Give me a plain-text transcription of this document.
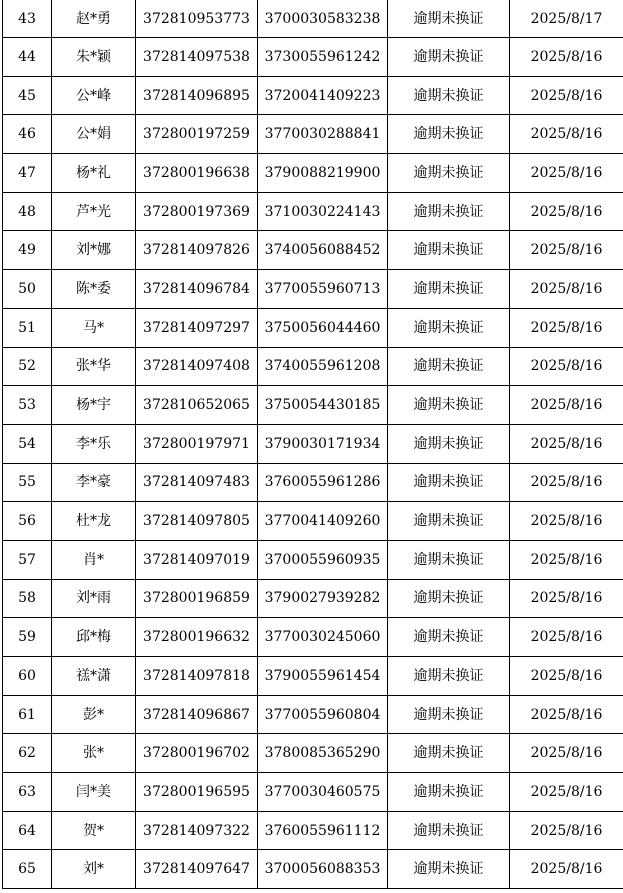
43	赵*勇	372810953773	3700030583238	逾期未换证	2025/8/17
44	朱*颖	372814097538	3730055961242	逾期未换证	2025/8/16
45	公*峰	372814096895	3720041409223	逾期未换证	2025/8/16
46	公*娟	372800197259	3770030288841	逾期未换证	2025/8/16
47	杨*礼	372800196638	3790088219900	逾期未换证	2025/8/16
48	芦*光	372800197369	3710030224143	逾期未换证	2025/8/16
49	刘*娜	372814097826	3740056088452	逾期未换证	2025/8/16
50	陈*委	372814096784	3770055960713	逾期未换证	2025/8/16
51	马*	372814097297	3750056044460	逾期未换证	2025/8/16
52	张*华	372814097408	3740055961208	逾期未换证	2025/8/16
53	杨*宇	372810652065	3750054430185	逾期未换证	2025/8/16
54	李*乐	372800197971	3790030171934	逾期未换证	2025/8/16
55	李*豪	372814097483	3760055961286	逾期未换证	2025/8/16
56	杜*龙	372814097805	3770041409260	逾期未换证	2025/8/16
57	肖*	372814097019	3700055960935	逾期未换证	2025/8/16
58	刘*雨	372800196859	3790027939282	逾期未换证	2025/8/16
59	邱*梅	372800196632	3770030245060	逾期未换证	2025/8/16
60	禚*潇	372814097818	3790055961454	逾期未换证	2025/8/16
61	彭*	372814096867	3770055960804	逾期未换证	2025/8/16
62	张*	372800196702	3780085365290	逾期未换证	2025/8/16
63	闫*美	372800196595	3770030460575	逾期未换证	2025/8/16
64	贺*	372814097322	3760055961112	逾期未换证	2025/8/16
65	刘*	372814097647	3700056088353	逾期未换证	2025/8/16
